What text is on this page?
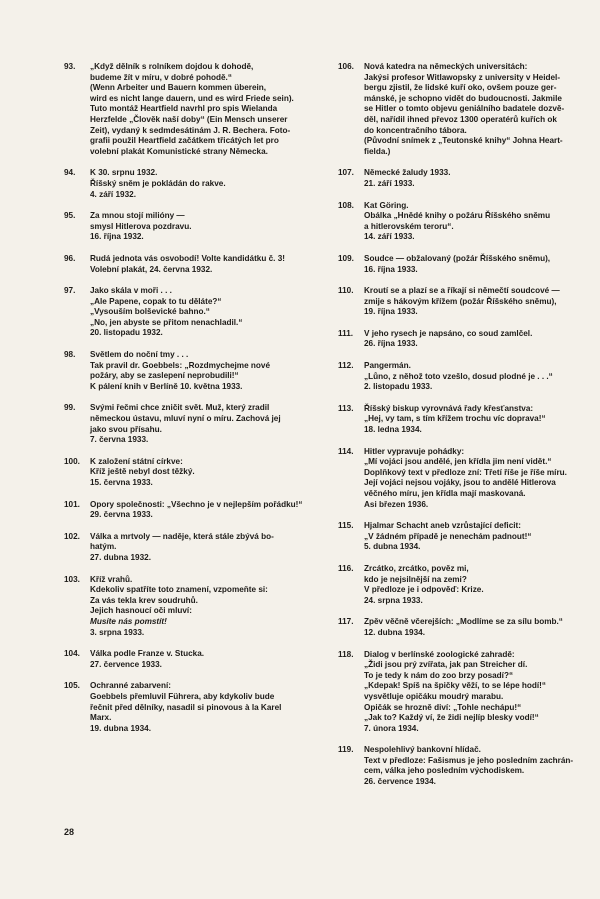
93.	„Když dělník s rolníkem dojdou k dohodě,
budeme žít v míru, v dobré pohodě.“
(Wenn Arbeiter und Bauern kommen überein,
wird es nicht lange dauern, und es wird Friede sein).
Tuto montáž Heartfield navrhl pro spis Wielanda
Herzfelde „Člověk naší doby“ (Ein Mensch unserer
Zeit), vydaný k sedmdesátinám J. R. Bechera. Foto-
grafii použil Heartfield začátkem třicátých let pro
volební plakát Komunistické strany Německa.
94.	K 30. srpnu 1932.
Říšský sněm je pokládán do rakve.
4. září 1932.
95.	Za mnou stojí milióny —
smysl Hitlerova pozdravu.
16. října 1932.
96.	Rudá jednota vás osvobodí! Volte kandidátku č. 3!
Volební plakát, 24. června 1932.
97.	Jako skála v moři . . .
„Ale Papene, copak to tu děláte?“
„Vysouším bolševické bahno.“
„No, jen abyste se přitom nenachladil.“
20. listopadu 1932.
98.	Světlem do noční tmy . . .
Tak pravil dr. Goebbels: „Rozdmychejme nové
požáry, aby se zaslepení neprobudili!“
K pálení knih v Berlíně 10. května 1933.
99.	Svými řečmi chce zničit svět. Muž, který zradil
německou ústavu, mluví nyní o míru. Zachová jej
jako svou přísahu.
7. června 1933.
100.	K založení státní církve:
Kříž ještě nebyl dost těžký.
15. června 1933.
101.	Opory společnosti: „Všechno je v nejlepším pořádku!“
29. června 1933.
102.	Válka a mrtvoly — naděje, která stále zbývá bo-
hatým.
27. dubna 1932.
103.	Kříž vrahů.
Kdekoliv spatříte toto znamení, vzpomeňte si:
Za vás tekla krev soudruhů.
Jejich hasnoucí oči mluví:
Musíte nás pomstít!
3. srpna 1933.
104.	Válka podle Franze v. Stucka.
27. července 1933.
105.	Ochranné zabarvení:
Goebbels přemluvil Führera, aby kdykoliv bude
řečnit před dělníky, nasadil si pinovous à la Karel
Marx.
19. dubna 1934.
106.	Nová katedra na německých universitách:
Jakýsi profesor Witlawopsky z university v Heidel-
bergu zjistil, že lidské kuří oko, ovšem pouze ger-
mánské, je schopno vidět do budoucnosti. Jakmile
se Hitler o tomto objevu geniálního badatele dozvě-
děl, nařídil ihned převoz 1300 operatérů kuřích ok
do koncentračního tábora.
(Původní snímek z „Teutonské knihy“ Johna Heart-
fielda.)
107.	Německé žaludy 1933.
21. září 1933.
108.	Kat Göring.
Obálka „Hnědé knihy o požáru Říšského sněmu
a hitlerovském teroru“.
14. září 1933.
109.	Soudce — obžalovaný (požár Říšského sněmu),
16. října 1933.
110.	Kroutí se a plazí se a říkají si němečtí soudcové —
zmije s hákovým křížem (požár Říšského sněmu),
19. října 1933.
111.	V jeho rysech je napsáno, co soud zamlčel.
26. října 1933.
112.	Pangermán.
„Lůno, z něhož toto vzešlo, dosud plodné je . . .“
2. listopadu 1933.
113.	Říšský biskup vyrovnává řady křesťanstva:
„Hej, vy tam, s tím křížem trochu víc doprava!“
18. ledna 1934.
114.	Hitler vypravuje pohádky:
„Mí vojáci jsou andělé, jen křídla jim není vidět.“
Doplňkový text v předloze zní: Třetí říše je říše míru.
Její vojáci nejsou vojáky, jsou to andělé Hitlerova
věčného míru, jen křídla mají maskovaná.
Asi březen 1936.
115.	Hjalmar Schacht aneb vzrůstající deficit:
„V žádném případě je nenechám padnout!“
5. dubna 1934.
116.	Zrcátko, zrcátko, pověz mi,
kdo je nejsilnější na zemi?
V předloze je i odpověď: Krize.
24. srpna 1933.
117.	Zpěv věčně včerejších: „Modlíme se za sílu bomb.“
12. dubna 1934.
118.	Dialog v berlínské zoologické zahradě:
„Židi jsou prý zvířata, jak pan Streicher dí.
To je tedy k nám do zoo brzy posadí?“
„Kdepak! Spíš na špičky věží, to se lépe hodí!“
vysvětluje opičáku moudrý marabu.
Opičák se hrozně diví: „Tohle nechápu!“
„Jak to? Každý ví, že židi nejlíp blesky vodí!“
7. února 1934.
119.	Nespolehlivý bankovní hlídač.
Text v předloze: Fašismus je jeho posledním zachrán-
cem, válka jeho posledním východiskem.
26. července 1934.
28
